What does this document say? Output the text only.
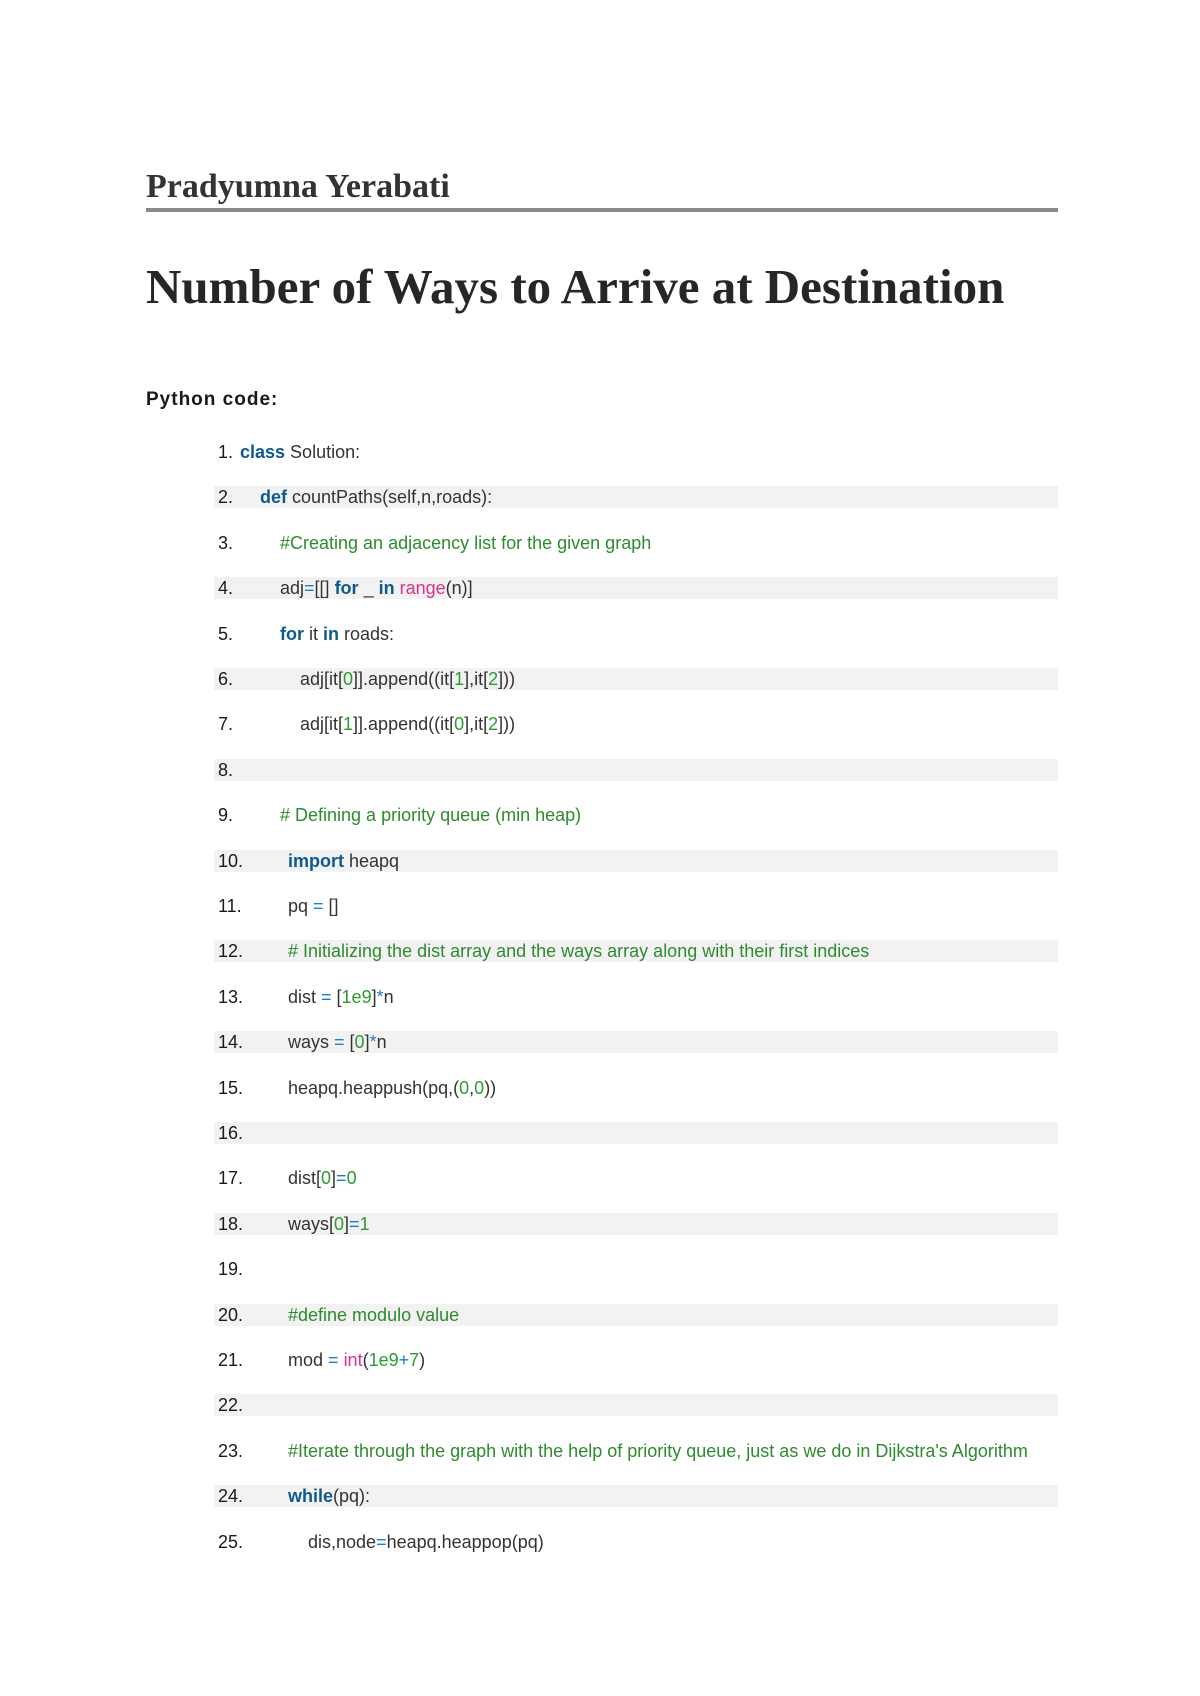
Pradyumna Yerabati
Number of Ways to Arrive at Destination
Python code:
1. class Solution:
2. def countPaths(self,n,roads):
3.	#Creating an adjacency list for the given graph
4.	adj=[[] for _ in range(n)]
5.	for it in roads:
6.	adj[it[0]].append((it[1],it[2]))
7.	adj[it[1]].append((it[0],it[2]))
8.
9.	# Defining a priority queue (min heap)
10. import heapq
11.	pq = []
12. # Initializing the dist array and the ways array along with their first indices
13. dist = [1e9]*n
14. ways = [0]*n
15. heapq.heappush(pq,(0,0))
16.
17. dist[0]=0
18. ways[0]=1
19.
20. #define modulo value
21. mod = int(1e9+7)
22.
23. #Iterate through the graph with the help of priority queue, just as we do in Dijkstra's Algorithm
24. while(pq):
25.	dis,node=heapq.heappop(pq)
